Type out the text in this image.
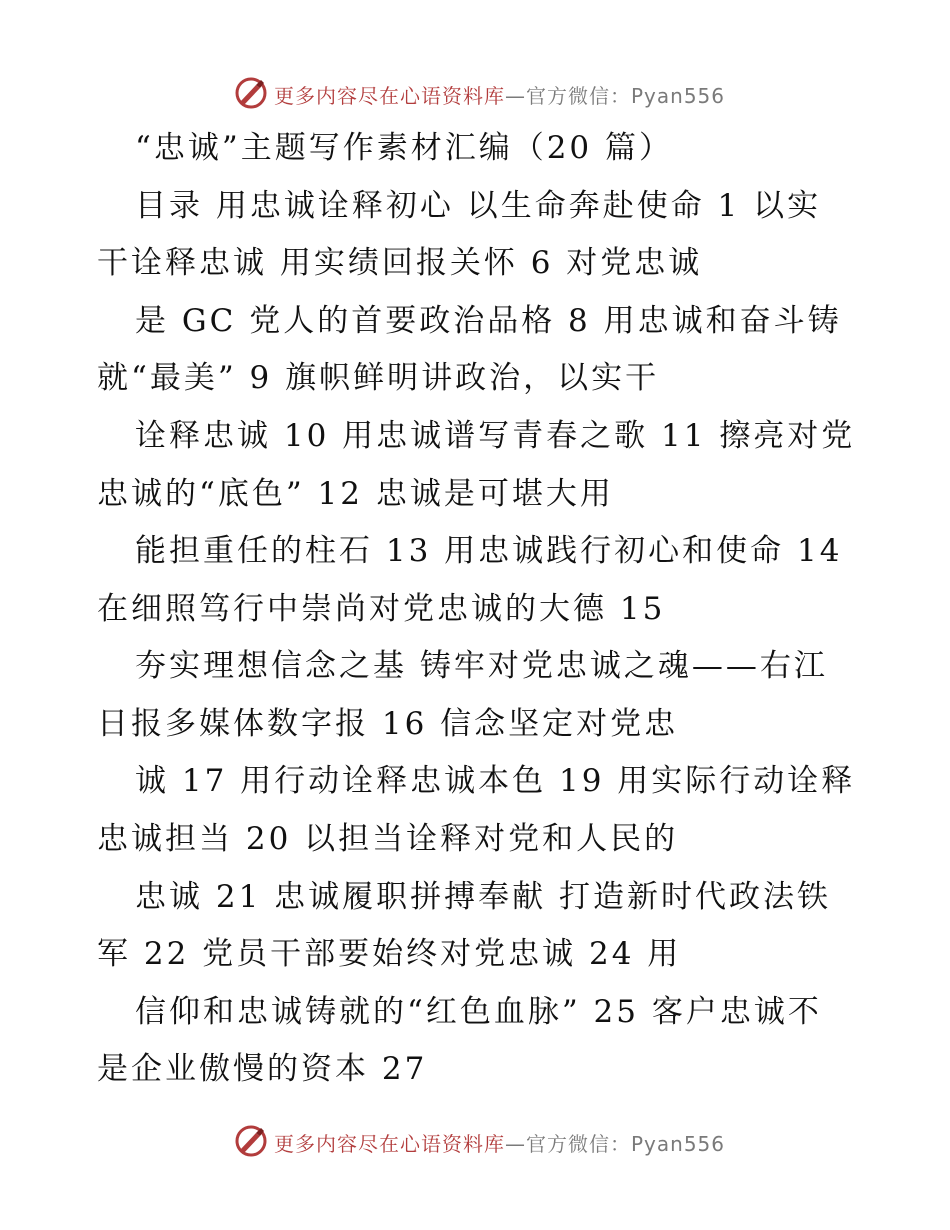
更多内容尽在心语资料库—官方微信：Pyan556
“忠诚”主题写作素材汇编（20 篇）
目录 用忠诚诠释初心 以生命奔赴使命 1 以实
干诠释忠诚 用实绩回报关怀 6 对党忠诚
是 GC 党人的首要政治品格 8 用忠诚和奋斗铸
就“最美” 9 旗帜鲜明讲政治，以实干
诠释忠诚 10 用忠诚谱写青春之歌 11 擦亮对党
忠诚的“底色” 12 忠诚是可堪大用
能担重任的柱石 13 用忠诚践行初心和使命 14
在细照笃行中崇尚对党忠诚的大德 15
夯实理想信念之基 铸牢对党忠诚之魂——右江
日报多媒体数字报 16 信念坚定对党忠
诚 17 用行动诠释忠诚本色 19 用实际行动诠释
忠诚担当 20 以担当诠释对党和人民的
忠诚 21 忠诚履职拼搏奉献 打造新时代政法铁
军 22 党员干部要始终对党忠诚 24 用
信仰和忠诚铸就的“红色血脉” 25 客户忠诚不
是企业傲慢的资本 27
更多内容尽在心语资料库—官方微信：Pyan556
